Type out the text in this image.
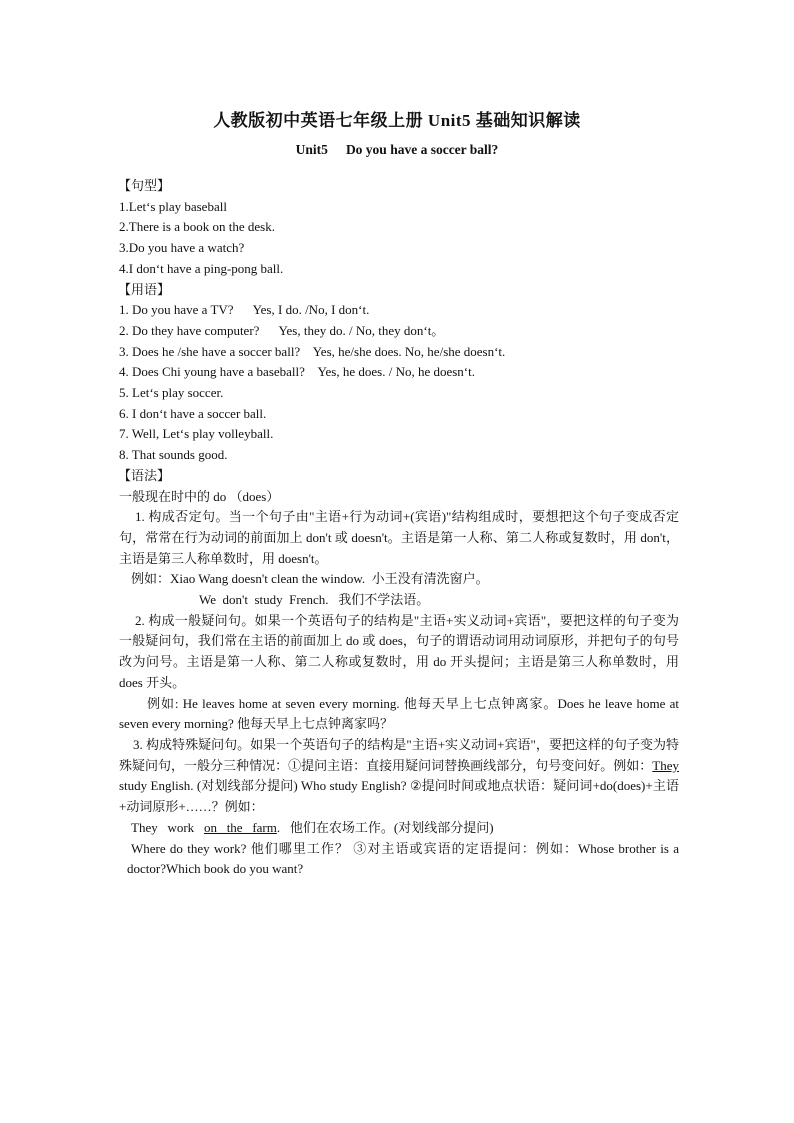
人教版初中英语七年级上册 Unit5 基础知识解读
Unit5 Do you have a soccer ball?
【句型】
1.Let‘s play baseball
2.There is a book on the desk.
3.Do you have a watch?
4.I don‘t have a ping-pong ball.
【用语】
1. Do you have a TV?      Yes, I do. /No, I don‘t.
2. Do they have computer?      Yes, they do. / No, they don‘t。
3. Does he /she have a soccer ball?    Yes, he/she does. No, he/she doesn‘t.
4. Does Chi young have a baseball?    Yes, he does. / No, he doesn‘t.
5. Let‘s play soccer.
6. I don‘t have a soccer ball.
7. Well, Let‘s play volleyball.
8. That sounds good.
【语法】
一般现在时中的 do （does）
1. 构成否定句。当一个句子由"主语+行为动词+(宾语)"结构组成时，要想把这个句子变成否定句，常常在行为动词的前面加上 don't 或 doesn't。主语是第一人称、第二人称或复数时，用 don't，主语是第三人称单数时，用 doesn't。
例如：Xiao Wang doesn't clean the window.  小王没有清洗窗户。
We  don't  study  French.   我们不学法语。
2. 构成一般疑问句。如果一个英语句子的结构是"主语+实义动词+宾语"，要把这样的句子变为一般疑问句，我们常在主语的前面加上 do 或 does，句子的谓语动词用动词原形，并把句子的句号改为问号。主语是第一人称、第二人称或复数时，用 do 开头提问；主语是第三人称单数时，用 does 开头。
例如: He leaves home at seven every morning. 他每天早上七点钟离家。Does he leave home at seven every morning? 他每天早上七点钟离家吗？
3. 构成特殊疑问句。如果一个英语句子的结构是"主语+实义动词+宾语"，要把这样的句子变为特殊疑问句，一般分三种情况：①提问主语：直接用疑问词替换画线部分，句号变问好。例如：They study English. (对划线部分提问) Who study English? ②提问时间或地点状语：疑问词+do(does)+主语+动词原形+……？例如：
They   work   on   the   farm.   他们在农场工作。(对划线部分提问)
Where do they work? 他们哪里工作？ ③对主语或宾语的定语提问：例如：Whose brother is a doctor?Which book do you want?
